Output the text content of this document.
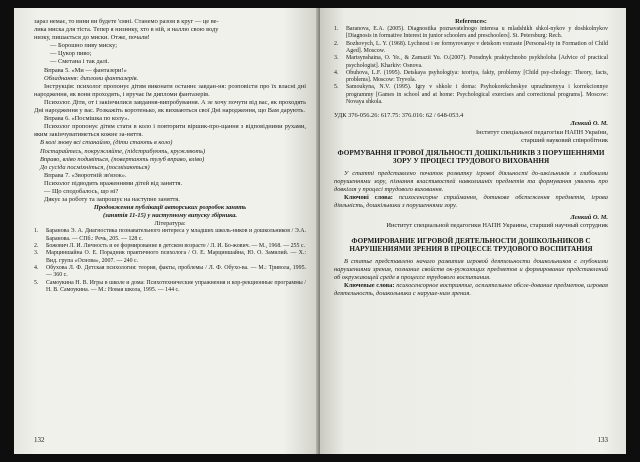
зараз немає, то вини ви будете 'ємні. Станемо разом в круг — це ве-

лика миска для тіста. Тепер я низинку, хто в ній, я наллю свою воду

низку, пишається до миски. Отже, почали!

— Борошно пиву миску;

— Цукор пиво;

— Сметана і так далі.

Вправа 5. «Ми — фантазери!»

Обладнання: дипломи фантазерів.

Інструкція: психолог пропонує дітям виконати останнє завдан-ня: розповісти про їх власні дні народження, як вони проходять, і вручає їм дипломи фантазерів.

Психолог. Діти, от і закінчилися завдання-випробування. А зе хочу почути від вас, як проходять Дні народження у вас. Розкажіть коротенько, як вихваються свої Дні народження, що Вам дарують.

Вправа 6. «Посмішка по колу».

Психолог пропонує дітям стати в коло і повторити віршик-про-щання з відповідними рухами, яким закінчуватиметься кожне за-няття.

В колі знову всі станаймо, (діти стають в коло)

Постарайтесь, покружляйте, (підстрибують, кружляють)

Вправо, вліво подивіться, (повертають тулуб вправо, вліво)

До сусіда посміхніться, (посміхаються)

Вправа 7. «Зворотній зв'язок».

Психолог підводить враженнями дітей від заняття.

— Що сподобалось, що ні?

Дякує за роботу та запрошує на наступне заняття.

Продовження публікації авторських розробок занять

(занятія 11-15) у наступному випуску збірника.

Література:

1.	Баранова Э. А. Диагностика познавательного интереса у младших школь-ников и дошкольников / Э.А. Баранова. — СПб.: Речь, 205. — 128 с.
2.	Божович Л. И. Личность и ее формирование в детском возрасте / Л. И. Бо-жович. — М., 1968. — 255 с.
3.	Марциншайна О. Е. Порадник практичного психолога / О. Е. Марциншайна, Ю. О. Замилий. — Х.: Вид. група «Основа», 2007. — 240 с.
4.	Обухова Л. Ф. Детская психология: теория, факты, проблемы / Л. Ф. Обухо-ва. — М.: Тривола, 1995. — 360 с.
5.	Самоукина Н. В. Игры в школе и дома: Психотехнические упражнения и кор-рекционные программы / Н. В. Самоукина. — М.: Новая школа, 1995. — 144 с.
132

References:

1.	Baranova, E.A. (2005). Diagnostika poznavatelnogo interesa u mladshikh shkol-nykov y doshkolnykov [Diagnosis in formative Interest in junior schoolers and preschoolers]. St. Petersburg: Rech.
2.	Bozhovych, L. Y. (1968). Lychnost i ee formyrovanye v detskom vozraste [Personal-ity in Formation of Child Aged]. Moscow.
3.	Martsynshaina, O. Ye., & Zamazii Yu. O.(2007). Poradnyk praktychnoho psykholoha [Advice of practical psychologist]. Kharkiv: Osnova.
4.	Obuhova, L.F. (1995). Detskaya psyhologiya: teoriya, fakty, problemy [Child psy-chology: Theory, facts, problems]. Moscow: Tryvola.
5.	Samoukyna, N.V. (1995). Igry v shkole i doma: Psyhokorekcheskye uprazhnenyya i korrekcionnye programmy [Games in school and at home: Psychological exercises and correctional programs]. Moscow: Novaya shkola.

УДК 376-056.26: 617.75: 376.016: 62 / 648-053.4

Лєнкий О. М.

Інститут спеціальної педагогіки НАПН України,

старший науковий співробітник

ФОРМУВАННЯ ІГРОВОЇ ДІЯЛЬНОСТІ ДОШКІЛЬНИКІВ З ПОРУШЕННЯМИ ЗОРУ У ПРОЦЕСІ ТРУДОВОГО ВИХОВАННЯ

У статті представлено початок розвитку ігрової діяльності до-шкільників з глибокими порушеннями зору, пізнання властивостей навколишніх предметів та формування уявлень про довкілля у процесі трудового виховання.

Ключові слова: психосенсорне сприймання, дотикове обстеження предметів, ігрова діяльність, дошкільники з порушеннями зору.

Лєнкий О. М.

Институт специальной педагогики НАПН Украины, старший научный сотрудник

ФОРМИРОВАНИЕ ИГРОВОЙ ДЕЯТЕЛЬНОСТИ ДОШКОЛЬНИКОВ С НАРУШЕНИЯМИ ЗРЕНИЯ В ПРОЦЕССЕ ТРУДОВОГО ВОСПИТАНИЯ

В статье представлено начало развития игровой деятельности дошкольников с глубокими нарушениями зрения, познание свойств ок-ружающих предметов и формирование представлений об окружающей среде в процессе трудового воспитания.

Ключевые слова: психосенсорное восприятие, осязательное обсле-дование предметов, игровая деятельность, дошкольники с наруше-ним зрения.

133
